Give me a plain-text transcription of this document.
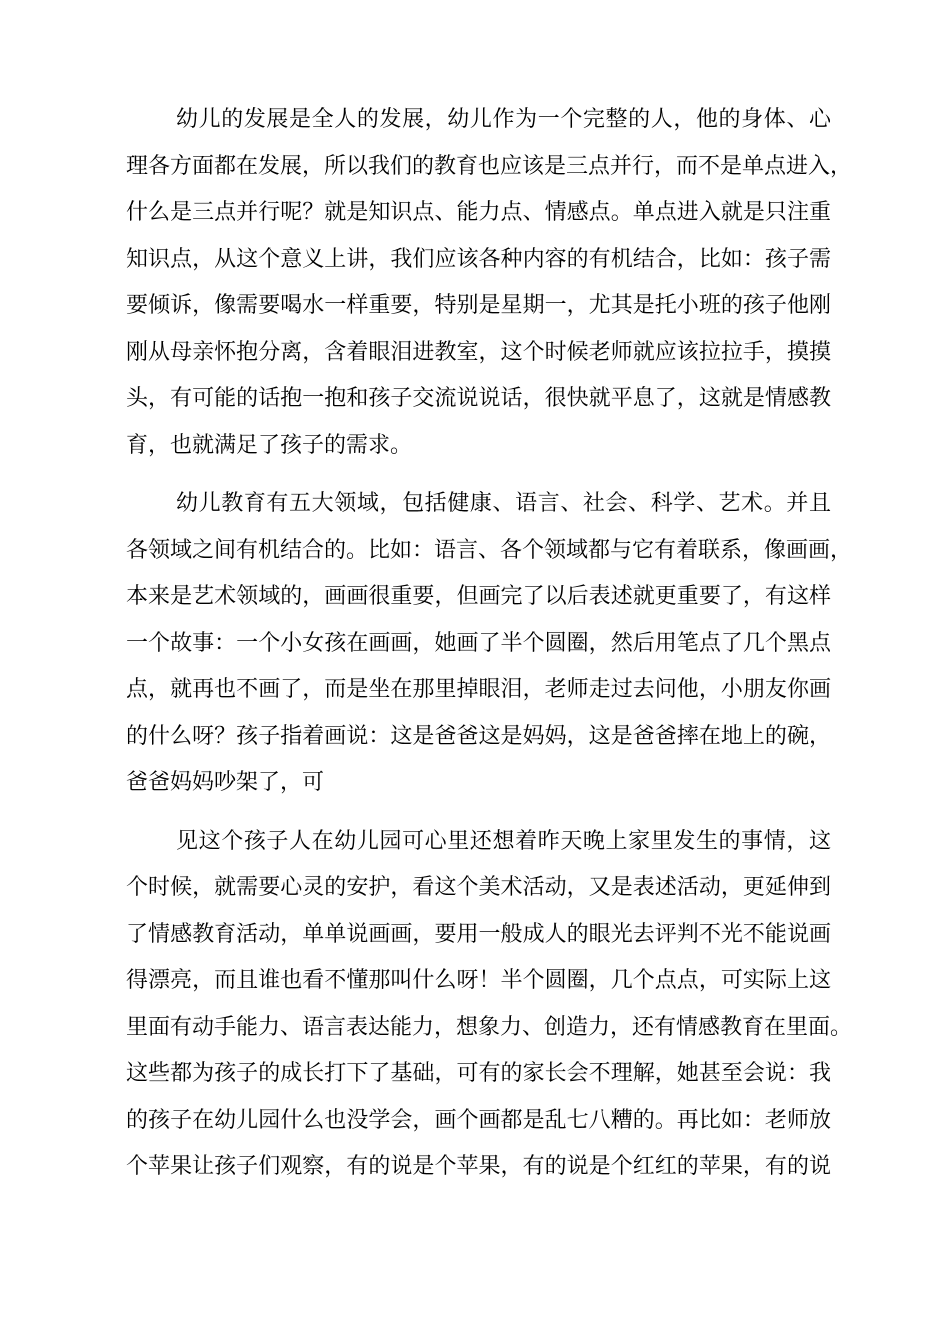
幼儿的发展是全人的发展，幼儿作为一个完整的人，他的身体、心
理各方面都在发展，所以我们的教育也应该是三点并行，而不是单点进入，
什么是三点并行呢？就是知识点、能力点、情感点。单点进入就是只注重
知识点，从这个意义上讲，我们应该各种内容的有机结合，比如：孩子需
要倾诉，像需要喝水一样重要，特别是星期一，尤其是托小班的孩子他刚
刚从母亲怀抱分离，含着眼泪进教室，这个时候老师就应该拉拉手，摸摸
头，有可能的话抱一抱和孩子交流说说话，很快就平息了，这就是情感教
育，也就满足了孩子的需求。
幼儿教育有五大领域，包括健康、语言、社会、科学、艺术。并且
各领域之间有机结合的。比如：语言、各个领域都与它有着联系，像画画，
本来是艺术领域的，画画很重要，但画完了以后表述就更重要了，有这样
一个故事：一个小女孩在画画，她画了半个圆圈，然后用笔点了几个黑点
点，就再也不画了，而是坐在那里掉眼泪，老师走过去问他，小朋友你画
的什么呀？孩子指着画说：这是爸爸这是妈妈，这是爸爸摔在地上的碗，
爸爸妈妈吵架了，可
见这个孩子人在幼儿园可心里还想着昨天晚上家里发生的事情，这
个时候，就需要心灵的安护，看这个美术活动，又是表述活动，更延伸到
了情感教育活动，单单说画画，要用一般成人的眼光去评判不光不能说画
得漂亮，而且谁也看不懂那叫什么呀！半个圆圈，几个点点，可实际上这
里面有动手能力、语言表达能力，想象力、创造力，还有情感教育在里面。
这些都为孩子的成长打下了基础，可有的家长会不理解，她甚至会说：我
的孩子在幼儿园什么也没学会，画个画都是乱七八糟的。再比如：老师放
个苹果让孩子们观察，有的说是个苹果，有的说是个红红的苹果，有的说
